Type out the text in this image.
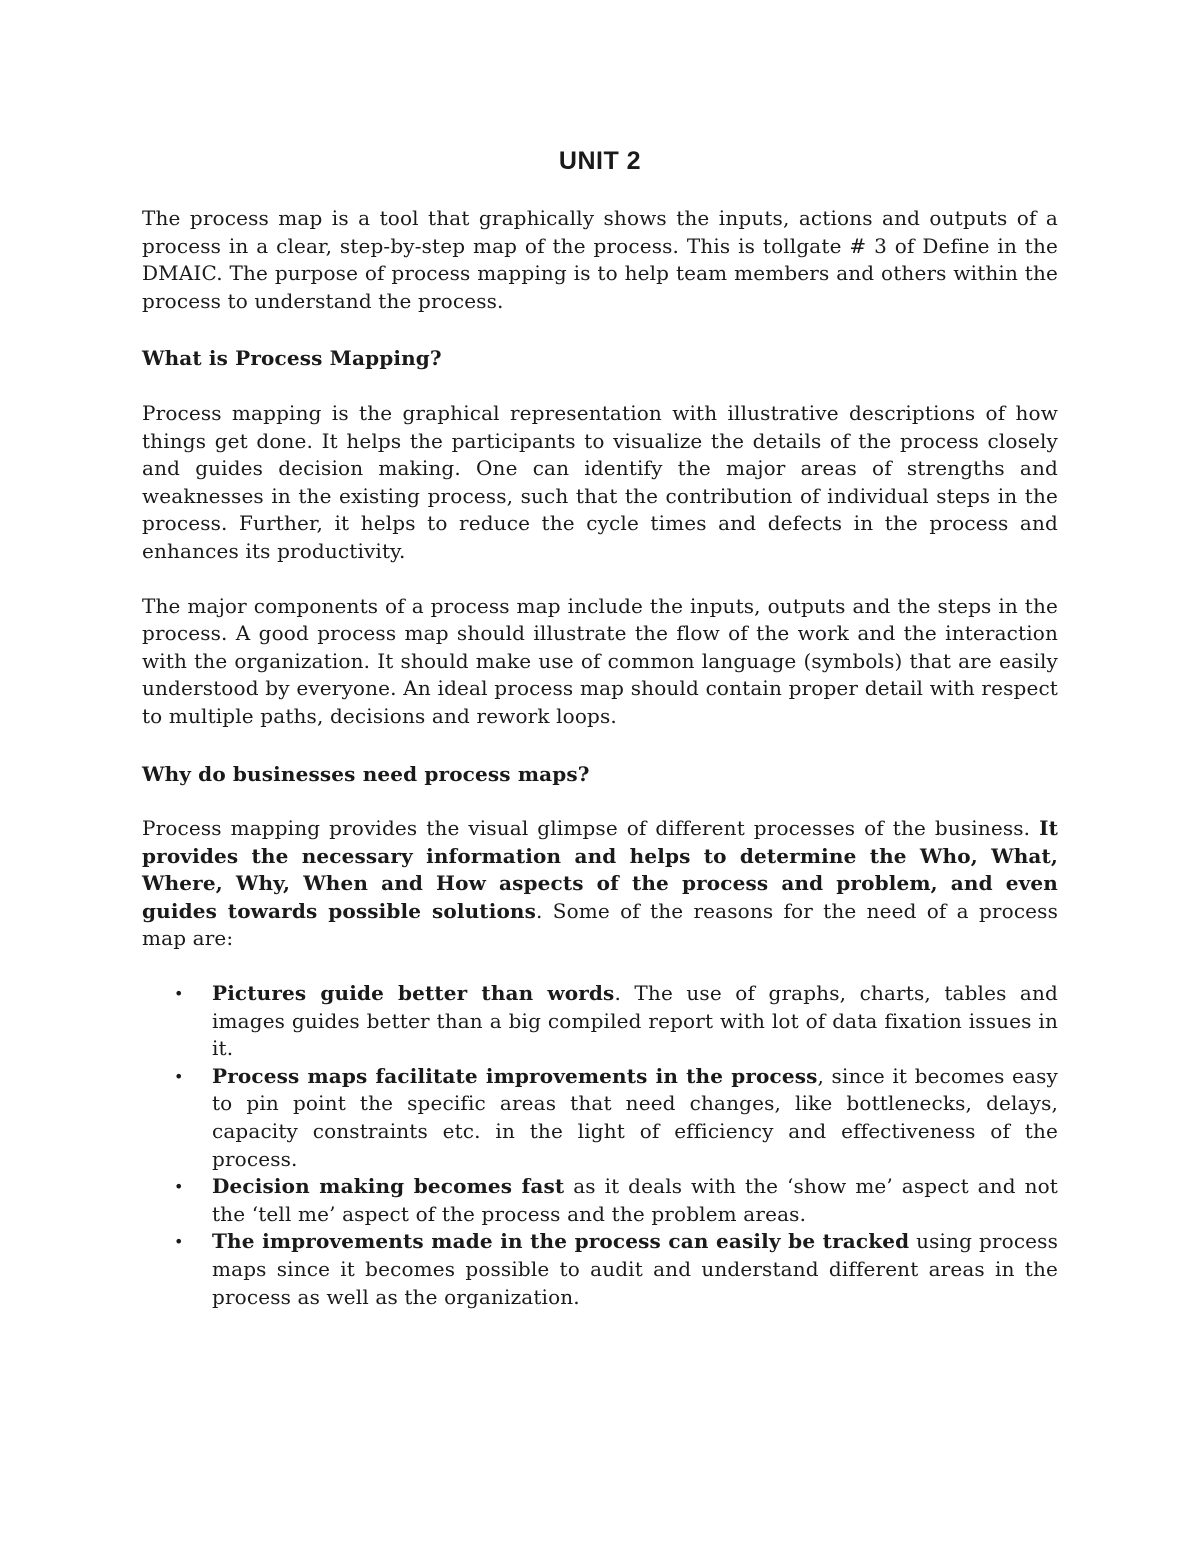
UNIT 2

The process map is a tool that graphically shows the inputs, actions and outputs of a process in a clear, step-by-step map of the process. This is tollgate # 3 of Define in the DMAIC. The purpose of process mapping is to help team members and others within the process to understand the process.

What is Process Mapping?

Process mapping is the graphical representation with illustrative descriptions of how things get done. It helps the participants to visualize the details of the process closely and guides decision making. One can identify the major areas of strengths and weaknesses in the existing process, such that the contribution of individual steps in the process. Further, it helps to reduce the cycle times and defects in the process and enhances its productivity.

The major components of a process map include the inputs, outputs and the steps in the process. A good process map should illustrate the flow of the work and the interaction with the organization. It should make use of common language (symbols) that are easily understood by everyone. An ideal process map should contain proper detail with respect to multiple paths, decisions and rework loops.

Why do businesses need process maps?

Process mapping provides the visual glimpse of different processes of the business. It provides the necessary information and helps to determine the Who, What, Where, Why, When and How aspects of the process and problem, and even guides towards possible solutions. Some of the reasons for the need of a process map are:

• Pictures guide better than words. The use of graphs, charts, tables and images guides better than a big compiled report with lot of data fixation issues in it.
• Process maps facilitate improvements in the process, since it becomes easy to pin point the specific areas that need changes, like bottlenecks, delays, capacity constraints etc. in the light of efficiency and effectiveness of the process.
• Decision making becomes fast as it deals with the ‘show me’ aspect and not the ‘tell me’ aspect of the process and the problem areas.
• The improvements made in the process can easily be tracked using process maps since it becomes possible to audit and understand different areas in the process as well as the organization.
